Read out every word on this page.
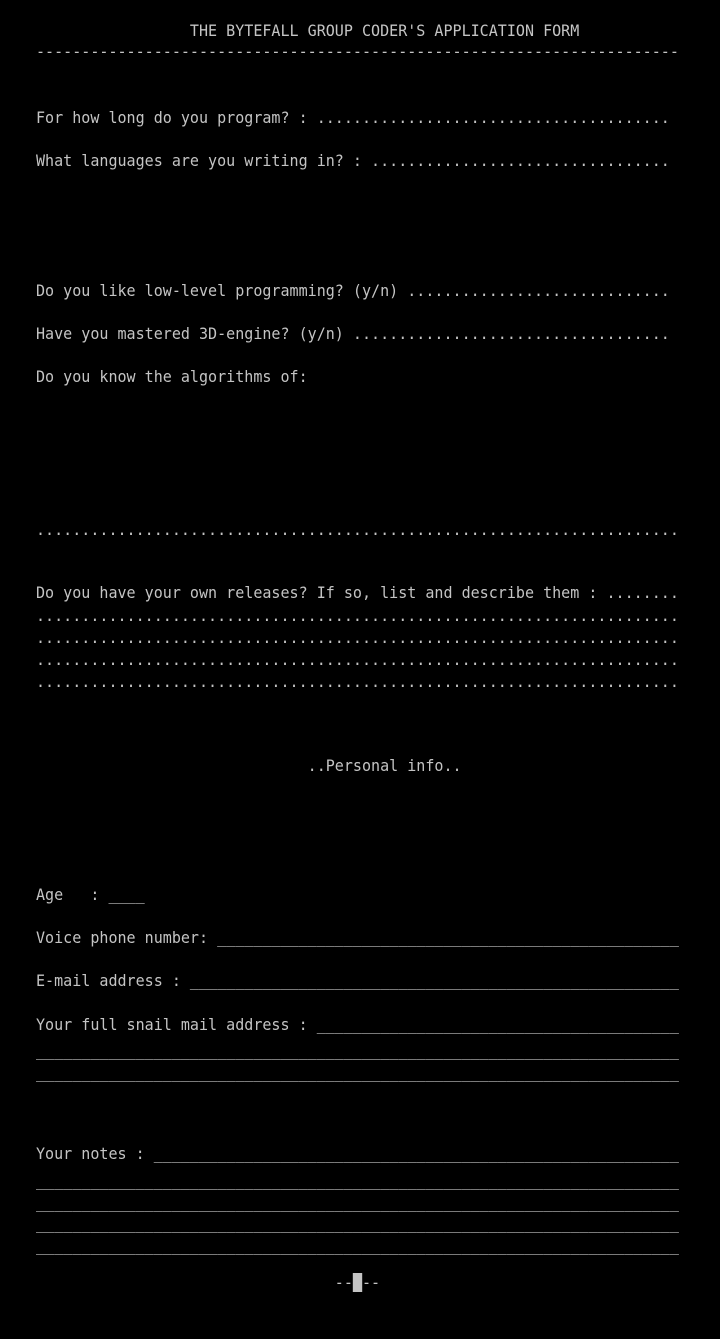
THE BYTEFALL GROUP CODER'S APPLICATION FORM
-----------------------------------------------------------------------
For how long do you program? : .......................................
What languages are you writing in? : .................................

Do you like low-level programming? (y/n) .............................
Have you mastered 3D-engine? (y/n) ...................................
Do you know the algorithms of:

.......................................................................
Do you have your own releases? If so, list and describe them : ........
.......................................................................
.......................................................................
.......................................................................
.......................................................................
..Personal info..

Age   : ____
Voice phone number: ___________________________________________________
E-mail address : ______________________________________________________
Your full snail mail address : ________________________________________
_______________________________________________________________________
_______________________________________________________________________
Your notes : __________________________________________________________
_______________________________________________________________________
_______________________________________________________________________
_______________________________________________________________________
_______________________________________________________________________
--█--
